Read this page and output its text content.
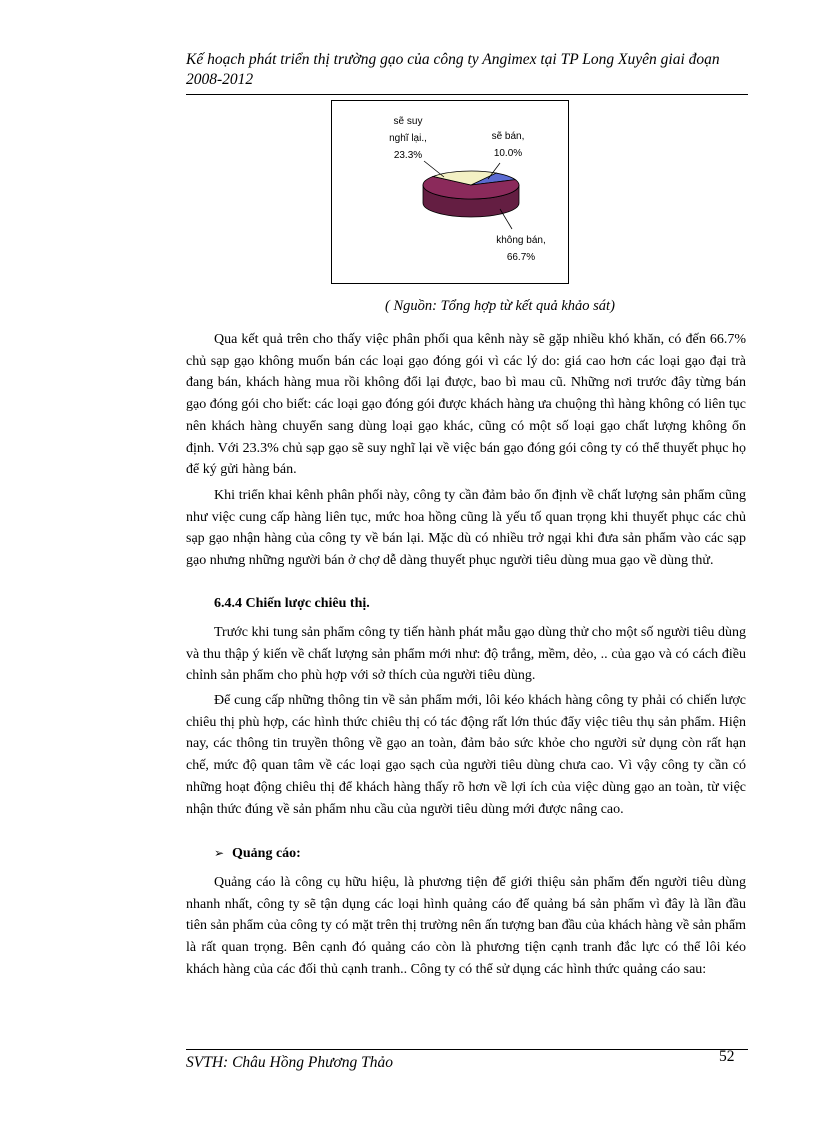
Kế hoạch phát triển thị trường gạo của công ty Angimex tại TP Long Xuyên giai đoạn 2008-2012
sẽ suy
nghĩ lại.,
23.3%
sẽ bán,
10.0%
không bán,
66.7%
( Nguồn: Tổng hợp từ kết quả khảo sát)
Qua kết quả trên cho thấy việc phân phối qua kênh này sẽ gặp nhiều khó khăn, có đến 66.7% chủ sạp gạo không muốn bán các loại gạo đóng gói vì các lý do: giá cao hơn các loại gạo đại trà đang bán, khách hàng mua rồi không đổi lại được, bao bì mau cũ. Những nơi trước đây từng bán gạo đóng gói cho biết: các loại gạo đóng gói được khách hàng ưa chuộng thì hàng không có liên tục nên khách hàng chuyển sang dùng loại gạo khác, cũng có một số loại gạo chất lượng không ổn định. Với 23.3% chủ sạp gạo sẽ suy nghĩ lại về việc bán gạo đóng gói công ty có thể thuyết phục họ để ký gửi hàng bán.
Khi triển khai kênh phân phối này, công ty cần đảm bảo ổn định về chất lượng sản phẩm cũng như việc cung cấp hàng liên tục, mức hoa hồng cũng là yếu tố quan trọng khi thuyết phục các chủ sạp gạo nhận hàng của công ty về bán lại. Mặc dù có nhiều trở ngại khi đưa sản phẩm vào các sạp gạo nhưng những người bán ở chợ dễ dàng thuyết phục người tiêu dùng mua gạo về dùng thử.
6.4.4 Chiến lược chiêu thị.
Trước khi tung sản phẩm công ty tiến hành phát mẫu gạo dùng thử cho một số người tiêu dùng và thu thập ý kiến về chất lượng sản phẩm mới như: độ trắng, mềm, dẻo, .. của gạo và có cách điều chỉnh sản phẩm cho phù hợp với sở thích của người tiêu dùng.
Để cung cấp những thông tin về sản phẩm mới, lôi kéo khách hàng công ty phải có chiến lược chiêu thị phù hợp, các hình thức chiêu thị có tác động rất lớn thúc đẩy việc tiêu thụ sản phẩm. Hiện nay, các thông tin truyền thông về gạo an toàn, đảm bảo sức khỏe cho người sử dụng còn rất hạn chế, mức độ quan tâm về các loại gạo sạch của người tiêu dùng chưa cao. Vì vậy công ty cần có những hoạt động chiêu thị để khách hàng thấy rõ hơn về lợi ích của việc dùng gạo an toàn, từ việc nhận thức đúng về sản phẩm nhu cầu của người tiêu dùng mới được nâng cao.
➢ Quảng cáo:
Quảng cáo là công cụ hữu hiệu, là phương tiện để giới thiệu sản phẩm đến người tiêu dùng nhanh nhất, công ty sẽ tận dụng các loại hình quảng cáo để quảng bá sản phẩm vì đây là lần đầu tiên sản phẩm của công ty có mặt trên thị trường nên ấn tượng ban đầu của khách hàng về sản phẩm là rất quan trọng. Bên cạnh đó quảng cáo còn là phương tiện cạnh tranh đắc lực có thể lôi kéo khách hàng của các đối thủ cạnh tranh.. Công ty có thể sử dụng các hình thức quảng cáo sau:
SVTH: Châu Hồng Phương Thảo	52
